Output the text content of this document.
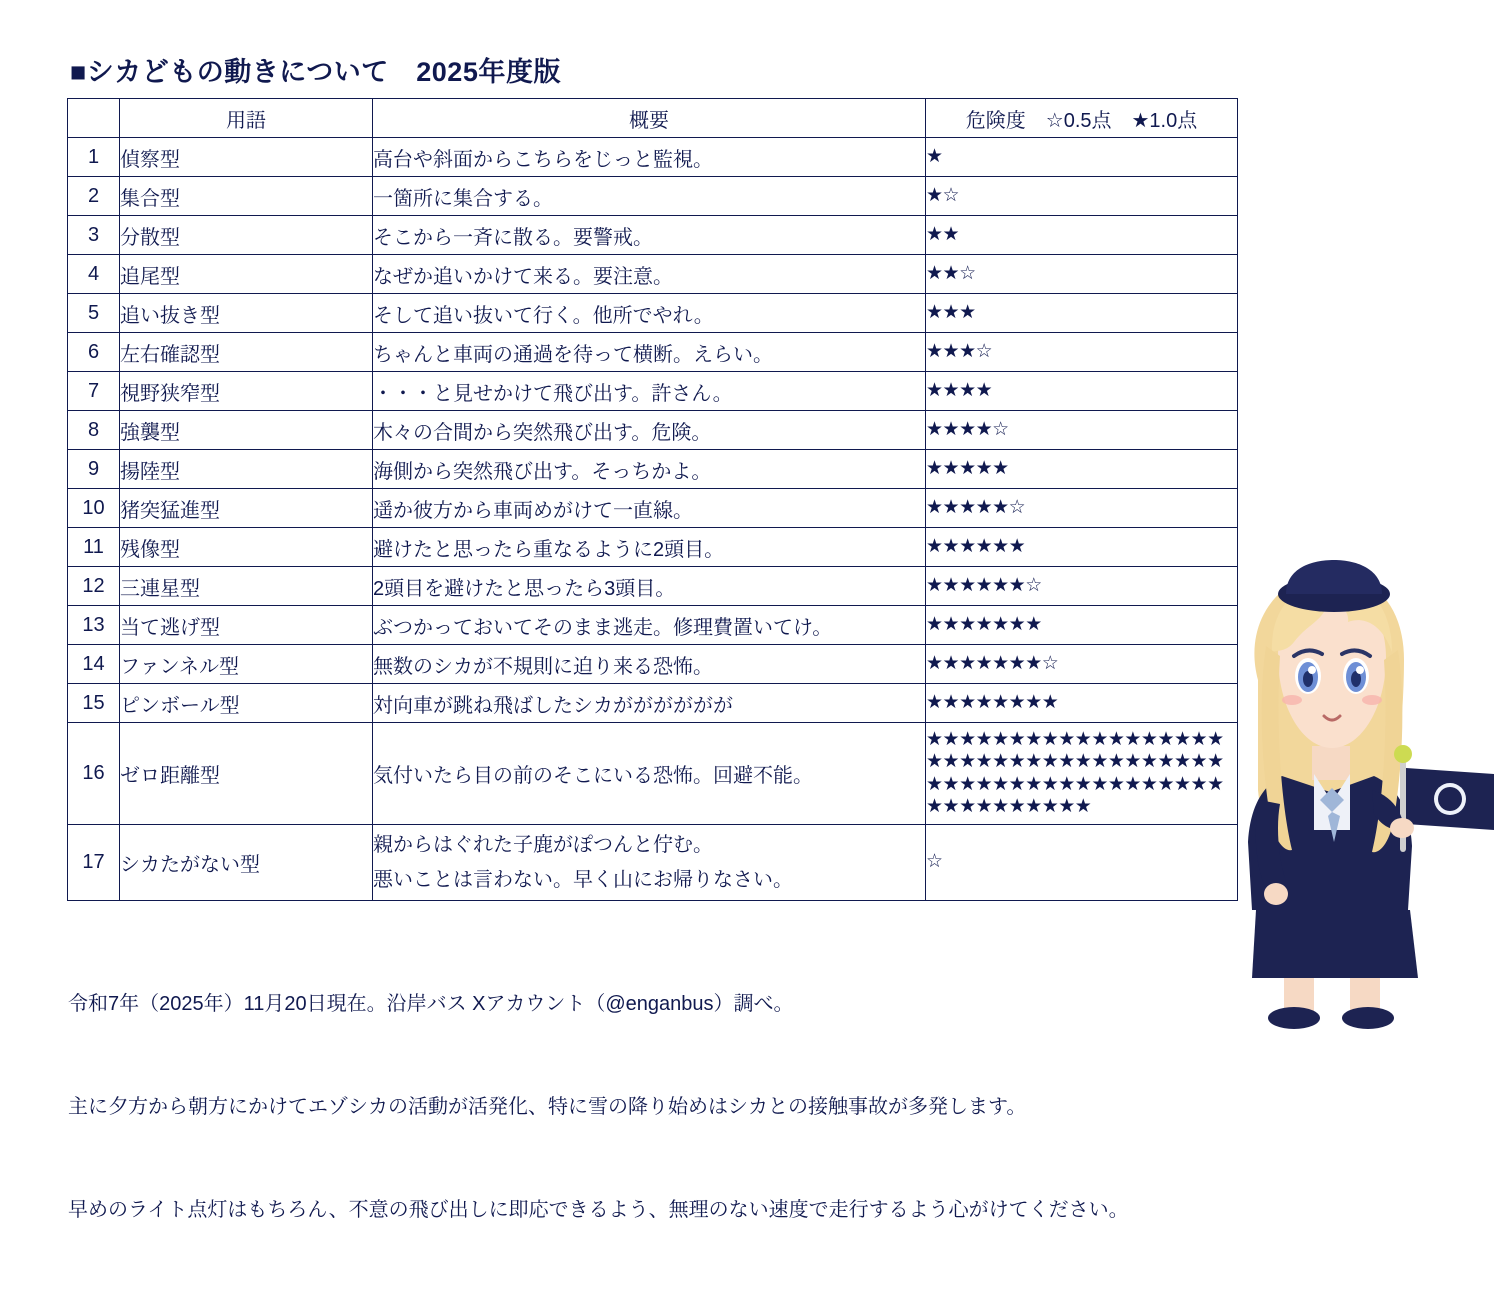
■シカどもの動きについて　2025年度版
	用語	概要	危険度　☆0.5点　★1.0点
1	偵察型	高台や斜面からこちらをじっと監視。	★
2	集合型	一箇所に集合する。	★☆
3	分散型	そこから一斉に散る。要警戒。	★★
4	追尾型	なぜか追いかけて来る。要注意。	★★☆
5	追い抜き型	そして追い抜いて行く。他所でやれ。	★★★
6	左右確認型	ちゃんと車両の通過を待って横断。えらい。	★★★☆
7	視野狭窄型	・・・と見せかけて飛び出す。許さん。	★★★★
8	強襲型	木々の合間から突然飛び出す。危険。	★★★★☆
9	揚陸型	海側から突然飛び出す。そっちかよ。	★★★★★
10	猪突猛進型	遥か彼方から車両めがけて一直線。	★★★★★☆
11	残像型	避けたと思ったら重なるように2頭目。	★★★★★★
12	三連星型	2頭目を避けたと思ったら3頭目。	★★★★★★☆
13	当て逃げ型	ぶつかっておいてそのまま逃走。修理費置いてけ。	★★★★★★★
14	ファンネル型	無数のシカが不規則に迫り来る恐怖。	★★★★★★★☆
15	ピンボール型	対向車が跳ね飛ばしたシカがががががが	★★★★★★★★
16	ゼロ距離型	気付いたら目の前のそこにいる恐怖。回避不能。	★★★★★★★★★★★★★★★★★★★★★★★★★★★★★★★★★★★★★★★★★★★★★★★★★★★★★★★★★★★★★★★★
17	シカたがない型	親からはぐれた子鹿がぽつんと佇む。
悪いことは言わない。早く山にお帰りなさい。	☆

令和7年（2025年）11月20日現在。沿岸バス Xアカウント（@enganbus）調べ。

主に夕方から朝方にかけてエゾシカの活動が活発化、特に雪の降り始めはシカとの接触事故が多発します。

早めのライト点灯はもちろん、不意の飛び出しに即応できるよう、無理のない速度で走行するよう心がけてください。
